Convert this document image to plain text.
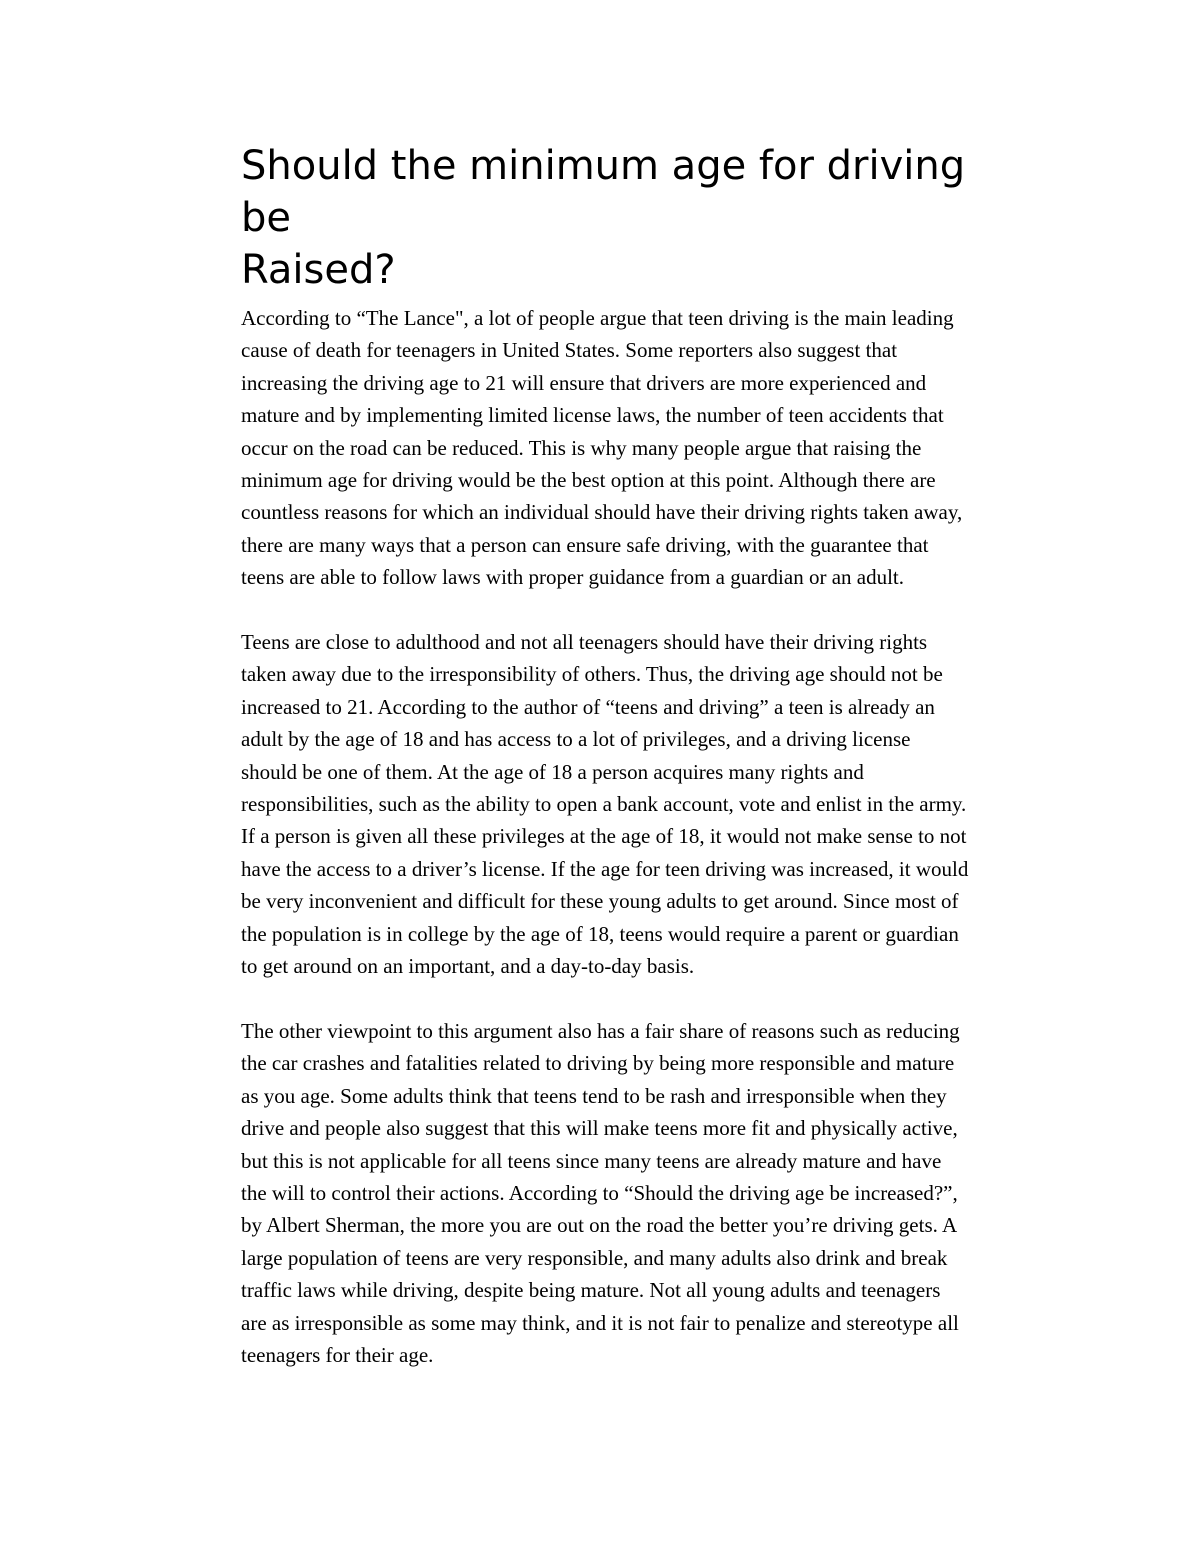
Should the minimum age for driving
be
Raised?

According to “The Lance", a lot of people argue that teen driving is the main leading
cause of death for teenagers in United States. Some reporters also suggest that
increasing the driving age to 21 will ensure that drivers are more experienced and
mature and by implementing limited license laws, the number of teen accidents that
occur on the road can be reduced. This is why many people argue that raising the
minimum age for driving would be the best option at this point. Although there are
countless reasons for which an individual should have their driving rights taken away,
there are many ways that a person can ensure safe driving, with the guarantee that
teens are able to follow laws with proper guidance from a guardian or an adult.

Teens are close to adulthood and not all teenagers should have their driving rights
taken away due to the irresponsibility of others. Thus, the driving age should not be
increased to 21. According to the author of “teens and driving” a teen is already an
adult by the age of 18 and has access to a lot of privileges, and a driving license
should be one of them. At the age of 18 a person acquires many rights and
responsibilities, such as the ability to open a bank account, vote and enlist in the army.
If a person is given all these privileges at the age of 18, it would not make sense to not
have the access to a driver’s license. If the age for teen driving was increased, it would
be very inconvenient and difficult for these young adults to get around. Since most of
the population is in college by the age of 18, teens would require a parent or guardian
to get around on an important, and a day-to-day basis.

The other viewpoint to this argument also has a fair share of reasons such as reducing
the car crashes and fatalities related to driving by being more responsible and mature
as you age. Some adults think that teens tend to be rash and irresponsible when they
drive and people also suggest that this will make teens more fit and physically active,
but this is not applicable for all teens since many teens are already mature and have
the will to control their actions. According to “Should the driving age be increased?”,
by Albert Sherman, the more you are out on the road the better you’re driving gets. A
large population of teens are very responsible, and many adults also drink and break
traffic laws while driving, despite being mature. Not all young adults and teenagers
are as irresponsible as some may think, and it is not fair to penalize and stereotype all
teenagers for their age.
